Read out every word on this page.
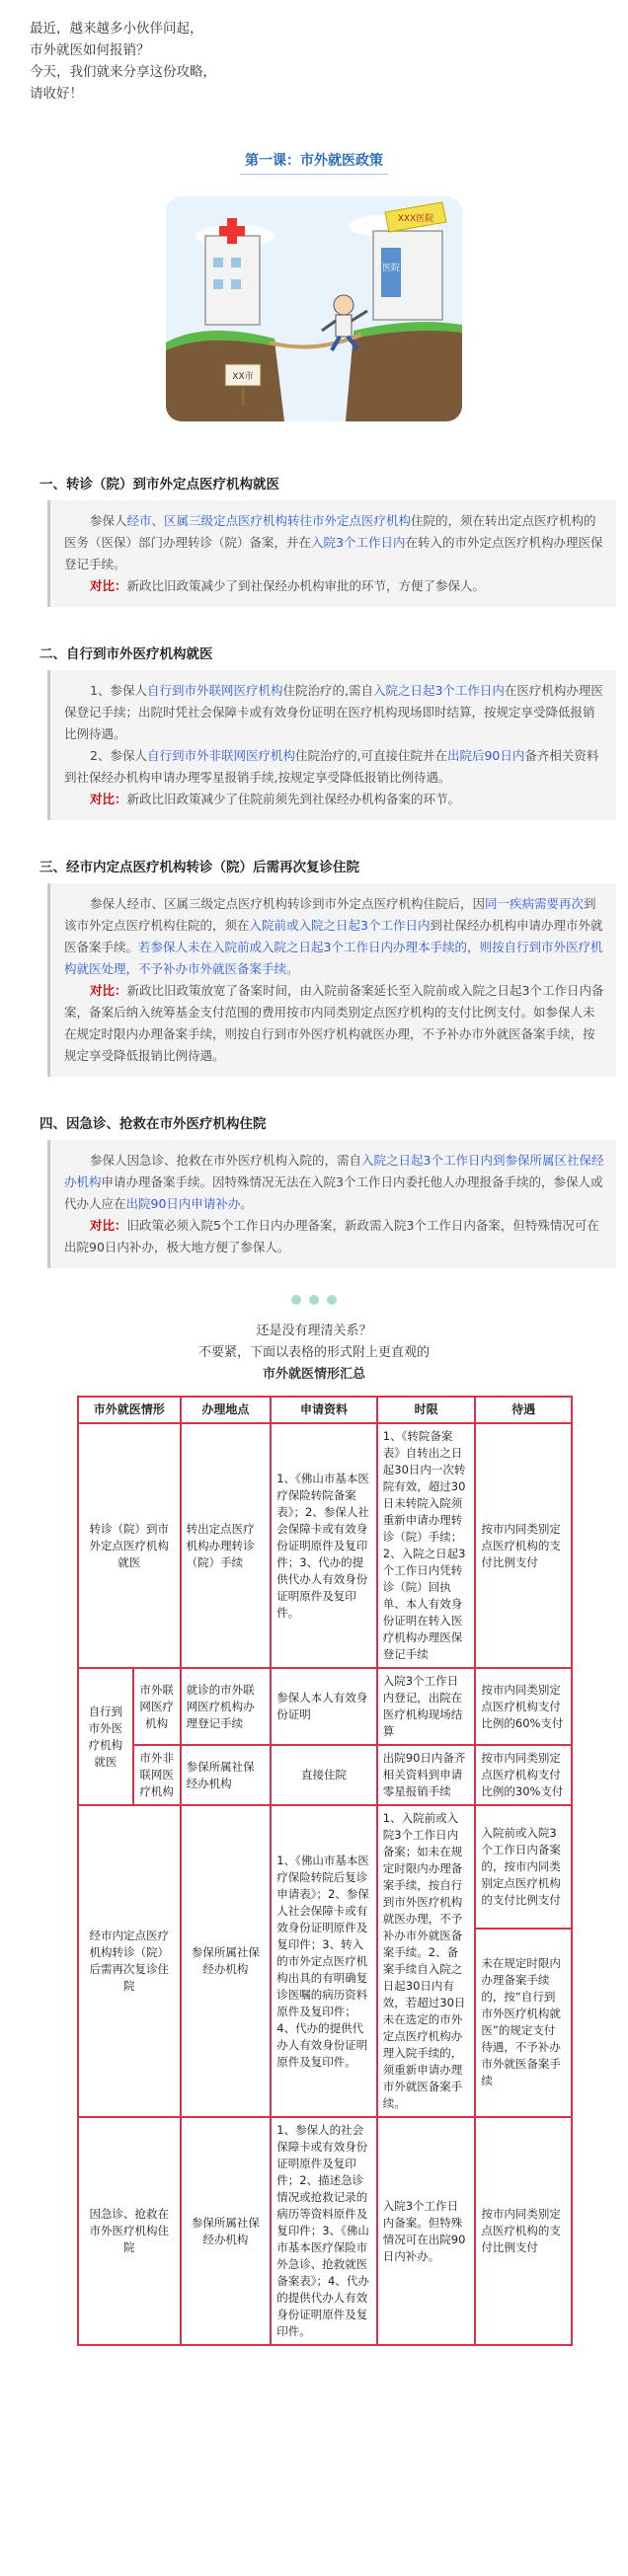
最近，越来越多小伙伴问起，
市外就医如何报销？
今天，我们就来分享这份攻略，
请收好！
第一课：市外就医政策
医院
XXX医院
XX市
一、转诊（院）到市外定点医疗机构就医
参保人经市、区属三级定点医疗机构转往市外定点医疗机构住院的，须在转出定点医疗机构的医务（医保）部门办理转诊（院）备案，并在入院3个工作日内在转入的市外定点医疗机构办理医保登记手续。
对比：新政比旧政策减少了到社保经办机构审批的环节，方便了参保人。
二、自行到市外医疗机构就医
1、参保人自行到市外联网医疗机构住院治疗的,需自入院之日起3个工作日内在医疗机构办理医保登记手续；出院时凭社会保障卡或有效身份证明在医疗机构现场即时结算，按规定享受降低报销比例待遇。
2、参保人自行到市外非联网医疗机构住院治疗的,可直接住院并在出院后90日内备齐相关资料到社保经办机构申请办理零星报销手续,按规定享受降低报销比例待遇。
对比：新政比旧政策减少了住院前须先到社保经办机构备案的环节。
三、经市内定点医疗机构转诊（院）后需再次复诊住院
参保人经市、区属三级定点医疗机构转诊到市外定点医疗机构住院后，因同一疾病需要再次到该市外定点医疗机构住院的，须在入院前或入院之日起3个工作日内到社保经办机构申请办理市外就医备案手续。若参保人未在入院前或入院之日起3个工作日内办理本手续的，则按自行到市外医疗机构就医处理，不予补办市外就医备案手续。
对比：新政比旧政策放宽了备案时间，由入院前备案延长至入院前或入院之日起3个工作日内备案，备案后纳入统筹基金支付范围的费用按市内同类别定点医疗机构的支付比例支付。如参保人未在规定时限内办理备案手续，则按自行到市外医疗机构就医办理，不予补办市外就医备案手续，按规定享受降低报销比例待遇。
四、因急诊、抢救在市外医疗机构住院
参保人因急诊、抢救在市外医疗机构入院的，需自入院之日起3个工作日内到参保所属区社保经办机构申请办理备案手续。因特殊情况无法在入院3个工作日内委托他人办理报备手续的，参保人或代办人应在出院90日内申请补办。
对比：旧政策必须入院5个工作日内办理备案，新政需入院3个工作日内备案，但特殊情况可在出院90日内补办，极大地方便了参保人。
还是没有理清关系？
不要紧，下面以表格的形式附上更直观的
市外就医情形汇总
市外就医情形		办理地点	申请资料	时限	待遇
转诊（院）到市外定点医疗机构就医		转出定点医疗机构办理转诊（院）手续	1、《佛山市基本医疗保险转院备案表》；2、参保人社会保障卡或有效身份证明原件及复印件；3、代办的提供代办人有效身份证明原件及复印件。	1、《转院备案表》自转出之日起30日内一次转院有效，超过30日未转院入院须重新申请办理转诊（院）手续；2、入院之日起3个工作日内凭转诊（院）回执单、本人有效身份证明在转入医疗机构办理医保登记手续	按市内同类别定点医疗机构的支付比例支付
自行到市外医疗机构就医	市外联网医疗机构	就诊的市外联网医疗机构办理登记手续	参保人本人有效身份证明	入院3个工作日内登记，出院在医疗机构现场结算	按市内同类别定点医疗机构支付比例的60%支付
	市外非联网医疗机构	参保所属社保经办机构	直接住院	出院90日内备齐相关资料到申请零星报销手续	按市内同类别定点医疗机构支付比例的30%支付
经市内定点医疗机构转诊（院）后需再次复诊住院		参保所属社保经办机构	1、《佛山市基本医疗保险转院后复诊申请表》；2、参保人社会保障卡或有效身份证明原件及复印件；3、转入的市外定点医疗机构出具的有明确复诊医嘱的病历资料原件及复印件；4、代办的提供代办人有效身份证明原件及复印件。	1、入院前或入院3个工作日内备案；如未在规定时限内办理备案手续，按自行到市外医疗机构就医办理，不予补办市外就医备案手续。2、备案手续自入院之日起30日内有效，若超过30日未在选定的市外定点医疗机构办理入院手续的，须重新申请办理市外就医备案手续。	入院前或入院3个工作日内备案的，按市内同类别定点医疗机构的支付比例支付
					未在规定时限内办理备案手续的，按“自行到市外医疗机构就医”的规定支付待遇，不予补办市外就医备案手续
因急诊、抢救在市外医疗机构住院		参保所属社保经办机构	1、参保人的社会保障卡或有效身份证明原件及复印件；2、描述急诊情况或抢救记录的病历等资料原件及复印件；3、《佛山市基本医疗保险市外急诊、抢救就医备案表》；4、代办的提供代办人有效身份证明原件及复印件。	入院3个工作日内备案。但特殊情况可在出院90日内补办。	按市内同类别定点医疗机构的支付比例支付
